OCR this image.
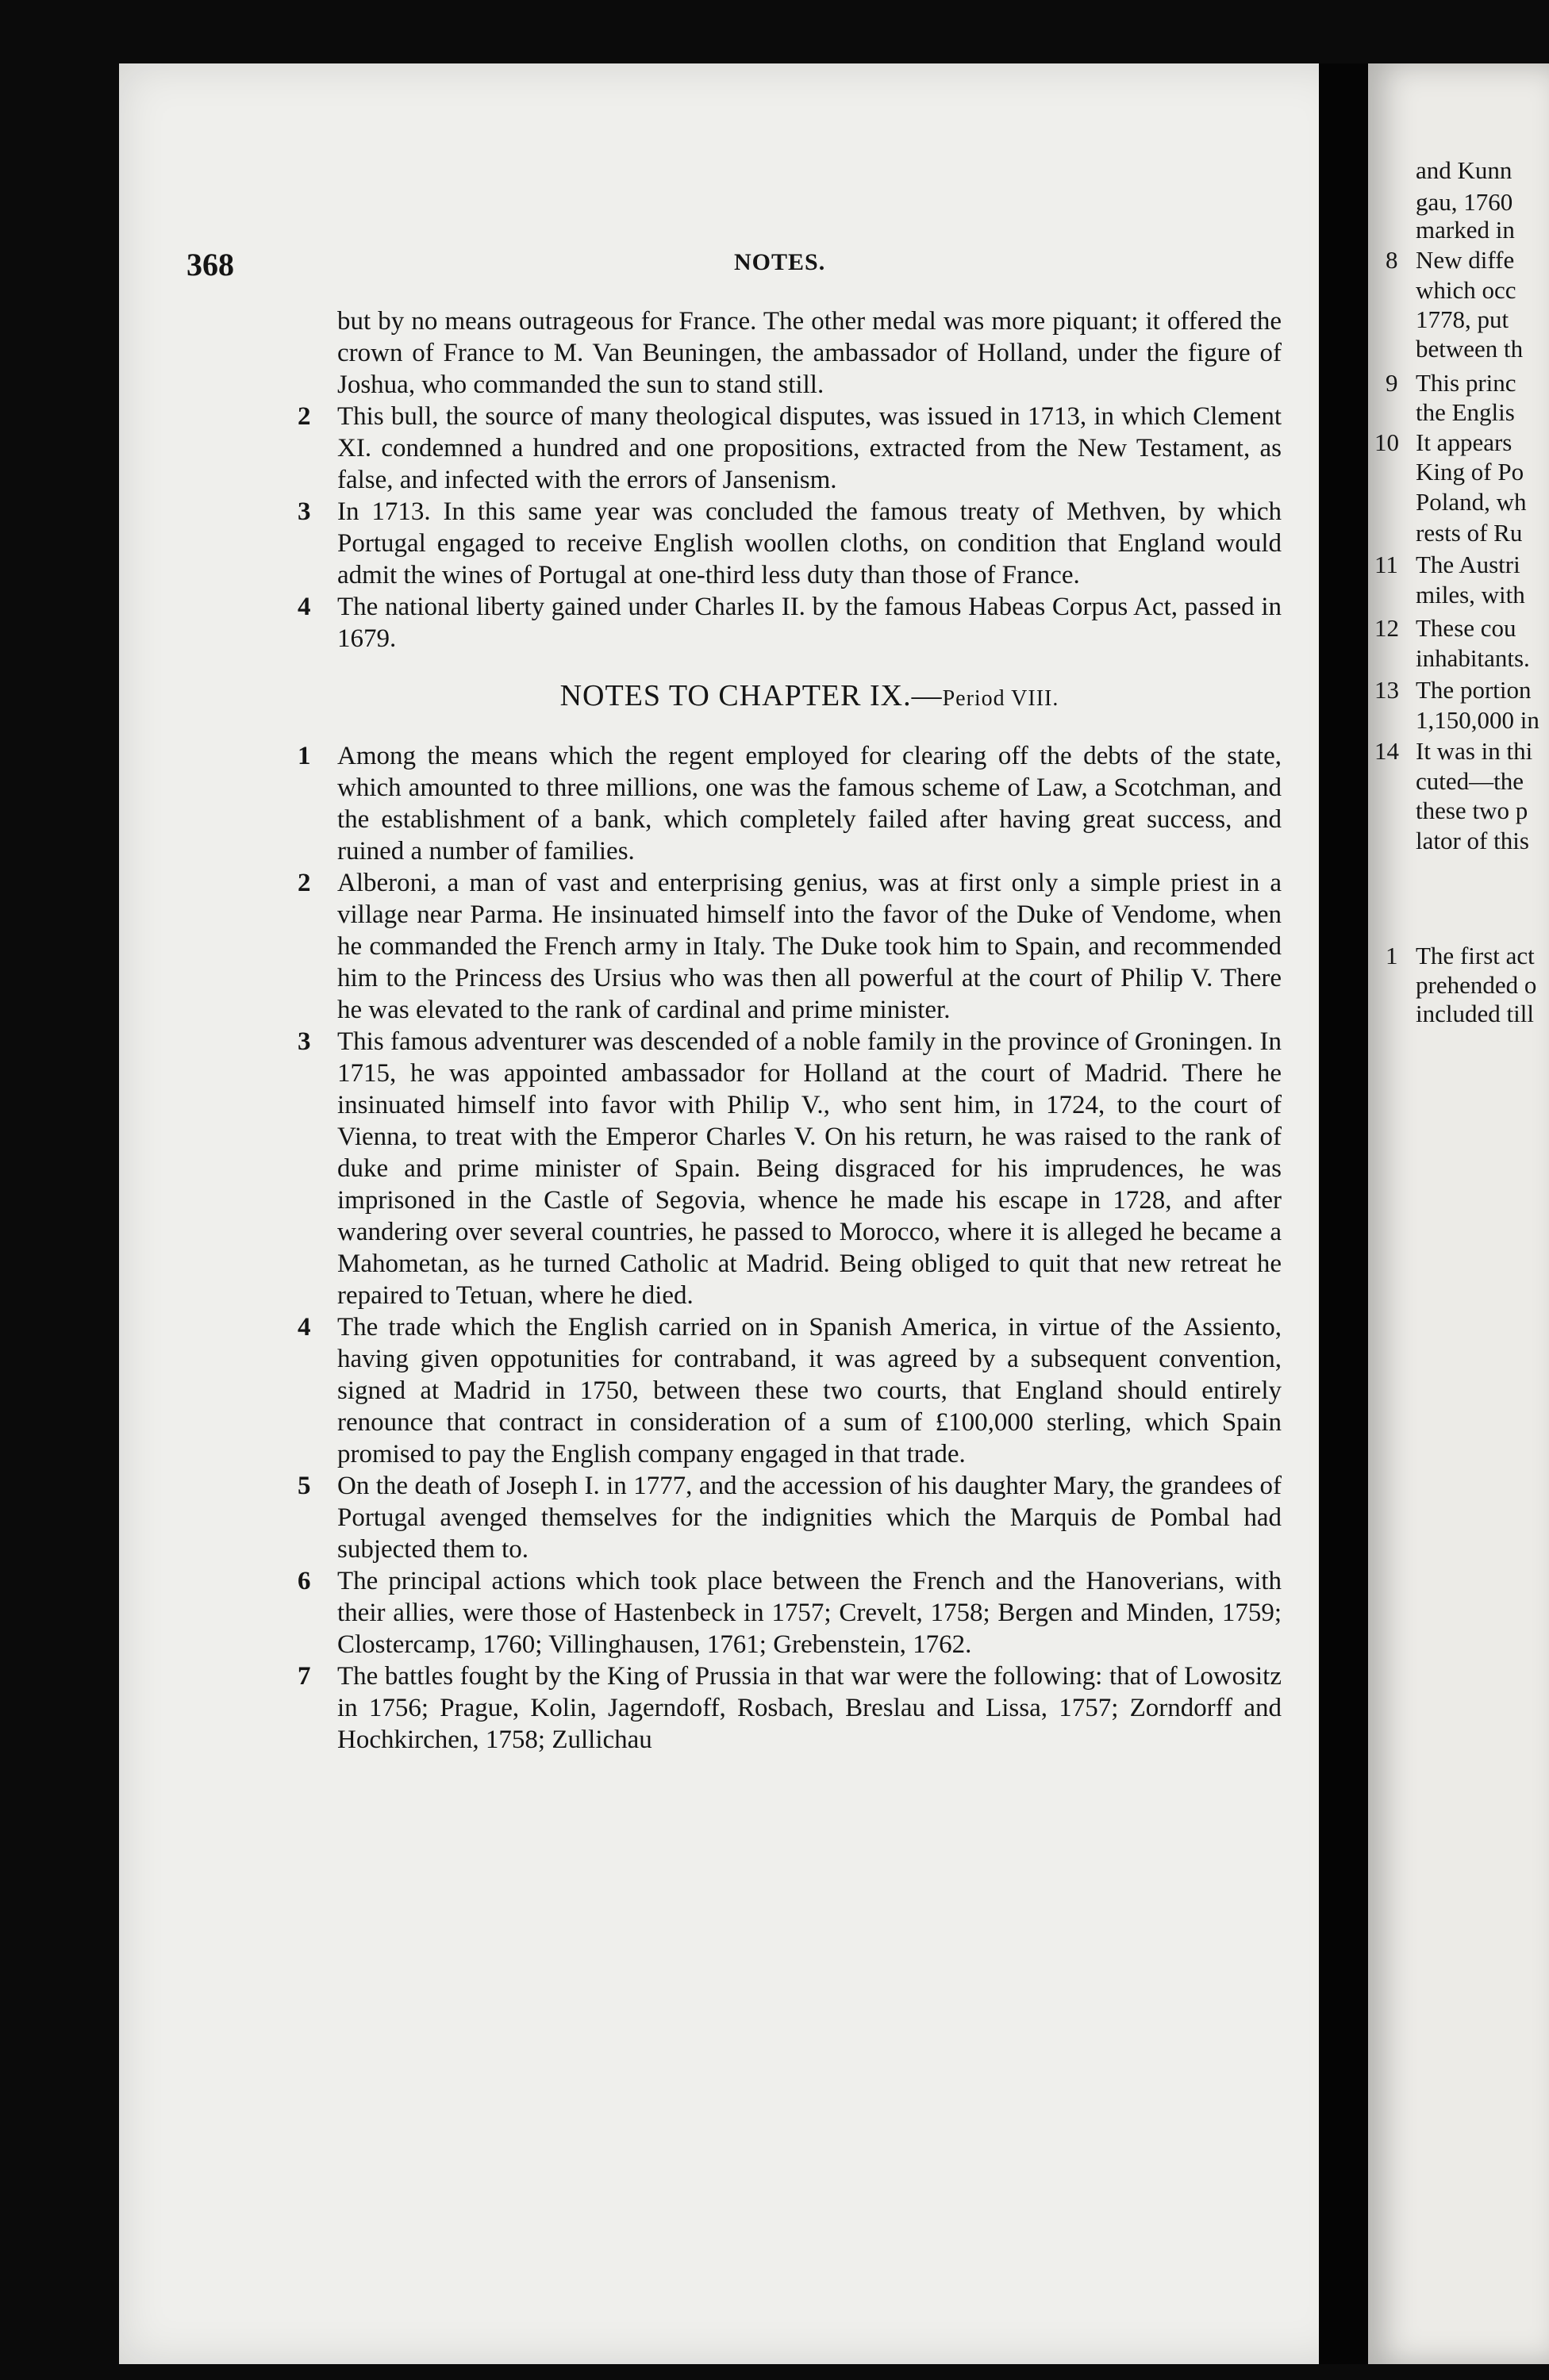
and Kunn
gau, 1760
marked in
8 New diffe
which occ
1778, put
between th
9 This princ
the Englis
10 It appears
King of Po
Poland, wh
rests of Ru
11 The Austri
miles, with
12 These cou
inhabitants.
13 The portion
1,150,000 in
14 It was in thi
cuted—the
these two p
lator of this
1 The first act
prehended o
included till
368	NOTES.
but by no means outrageous for France. The other medal was more piquant; it offered the crown of France to M. Van Beuningen, the ambassador of Holland, under the figure of Joshua, who commanded the sun to stand still.
2 This bull, the source of many theological disputes, was issued in 1713, in which Clement XI. condemned a hundred and one propositions, extracted from the New Testament, as false, and infected with the errors of Jansenism.
3 In 1713. In this same year was concluded the famous treaty of Methven, by which Portugal engaged to receive English woollen cloths, on condition that England would admit the wines of Portugal at one-third less duty than those of France.
4 The national liberty gained under Charles II. by the famous Habeas Corpus Act, passed in 1679.
NOTES TO CHAPTER IX.—Period VIII.
1 Among the means which the regent employed for clearing off the debts of the state, which amounted to three millions, one was the famous scheme of Law, a Scotchman, and the establishment of a bank, which completely failed after having great success, and ruined a number of families.
2 Alberoni, a man of vast and enterprising genius, was at first only a simple priest in a village near Parma. He insinuated himself into the favor of the Duke of Vendome, when he commanded the French army in Italy. The Duke took him to Spain, and recommended him to the Princess des Ursius who was then all powerful at the court of Philip V. There he was elevated to the rank of cardinal and prime minister.
3 This famous adventurer was descended of a noble family in the province of Groningen. In 1715, he was appointed ambassador for Holland at the court of Madrid. There he insinuated himself into favor with Philip V., who sent him, in 1724, to the court of Vienna, to treat with the Emperor Charles V. On his return, he was raised to the rank of duke and prime minister of Spain. Being disgraced for his imprudences, he was imprisoned in the Castle of Segovia, whence he made his escape in 1728, and after wandering over several countries, he passed to Morocco, where it is alleged he became a Mahometan, as he turned Catholic at Madrid. Being obliged to quit that new retreat he repaired to Tetuan, where he died.
4 The trade which the English carried on in Spanish America, in virtue of the Assiento, having given oppotunities for contraband, it was agreed by a subsequent convention, signed at Madrid in 1750, between these two courts, that England should entirely renounce that contract in consideration of a sum of £100,000 sterling, which Spain promised to pay the English company engaged in that trade.
5 On the death of Joseph I. in 1777, and the accession of his daughter Mary, the grandees of Portugal avenged themselves for the indignities which the Marquis de Pombal had subjected them to.
6 The principal actions which took place between the French and the Hanoverians, with their allies, were those of Hastenbeck in 1757; Crevelt, 1758; Bergen and Minden, 1759; Clostercamp, 1760; Villinghausen, 1761; Grebenstein, 1762.
7 The battles fought by the King of Prussia in that war were the following: that of Lowositz in 1756; Prague, Kolin, Jagerndoff, Rosbach, Breslau and Lissa, 1757; Zorndorff and Hochkirchen, 1758; Zullichau
